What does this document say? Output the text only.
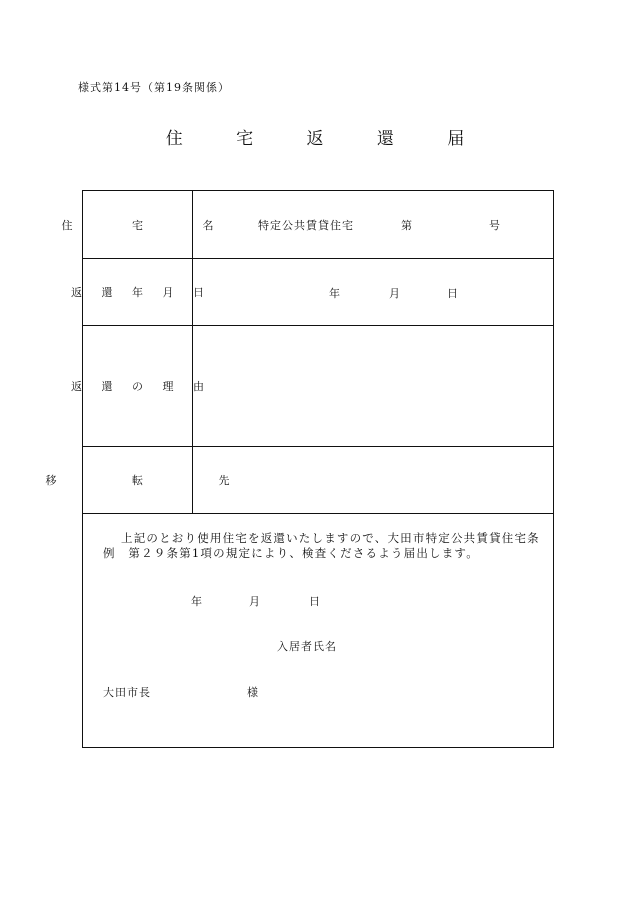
様式第14号（第19条関係）
住 宅 返 還 届
住 宅 名 特定公共賃貸住宅	第	号
返 還 年 月 日	年	月	日
返 還 の 理 由
移 転 先
上記のとおり使用住宅を返還いたしますので、大田市特定公共賃貸住宅条例　第２９条第1項の規定により、検査くださるよう届出します。
年	月	日
入居者氏名
大田市長	様
